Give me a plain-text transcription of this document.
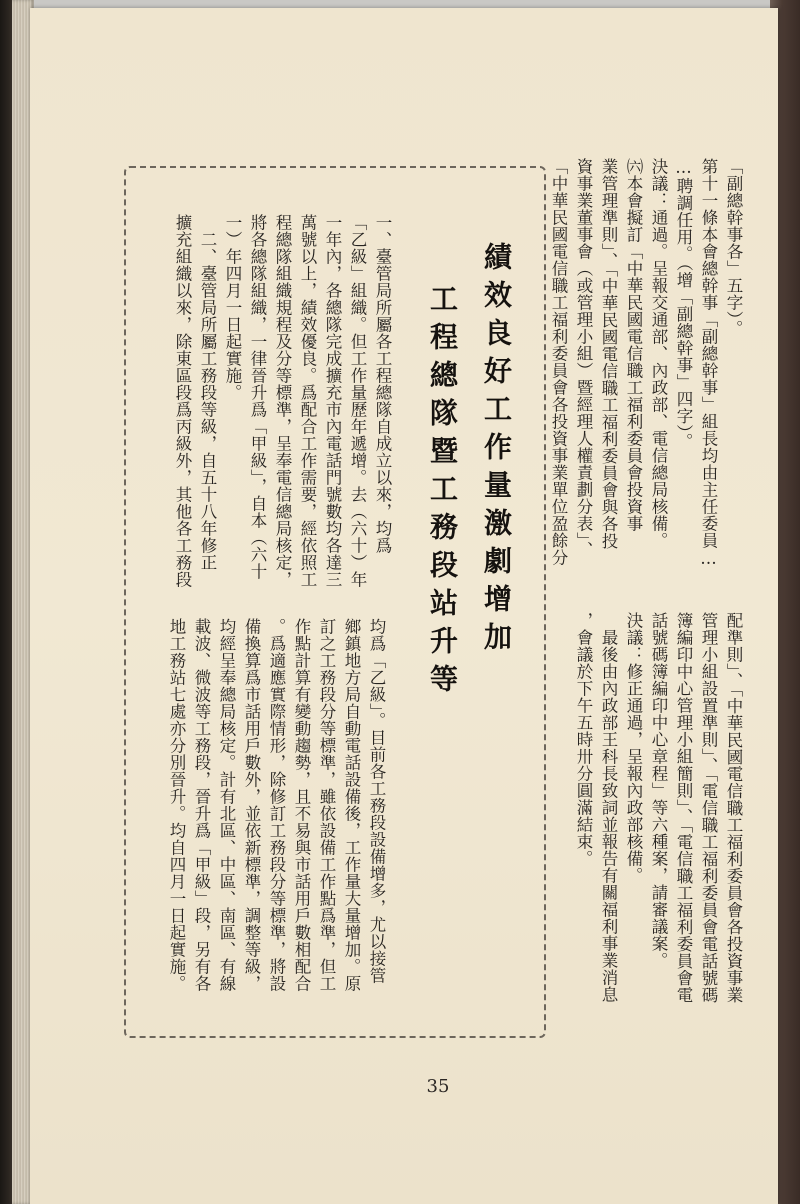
「副總幹事各」五字）。
第十一條本會總幹事「副總幹事」組長均由主任委員…
…聘調任用。（增「副總幹事」四字）。
決議：通過。呈報交通部、內政部、電信總局核備。
㈥本會擬訂「中華民國電信職工福利委員會投資事
業管理準則」、「中華民國電信職工福利委員會與各投
資事業董事會（或管理小組）暨經理人權責劃分表」、
「中華民國電信職工福利委員會各投資事業單位盈餘分
配準則」、「中華民國電信職工福利委員會各投資事業
管理小組設置準則」、「電信職工福利委員會電話號碼
簿編印中心管理小組簡則」、「電信職工福利委員會電
話號碼簿編印中心章程」等六種案，請審議案。
決議：修正通過，呈報內政部核備。
　最後由內政部王科長致詞並報告有關福利事業消息
，會議於下午五時卅分圓滿結束。
績效良好工作量激劇增加
工程總隊暨工務段站升等
一、臺管局所屬各工程總隊自成立以來，均爲
「乙級」組織。但工作量歷年遞增。去（六十）年
一年內，各總隊完成擴充市內電話門號數均各達三
萬號以上，績效優良。爲配合工作需要，經依照工
程總隊組織規程及分等標準，呈奉電信總局核定，
將各總隊組織，一律晉升爲「甲級」，自本（六十
一）年四月一日起實施。
　二、臺管局所屬工務段等級，自五十八年修正
擴充組織以來，除東區段爲丙級外，其他各工務段
均爲「乙級」。目前各工務段設備增多，尤以接管
鄉鎮地方局自動電話設備後，工作量大量增加。原
訂之工務段分等標準，雖依設備工作點爲準，但工
作點計算有變動趨勢，且不易與市話用戶數相配合
。爲適應實際情形，除修訂工務段分等標準，將設
備換算爲市話用戶數外，並依新標準，調整等級，
均經呈奉總局核定。計有北區、中區、南區、有線
載波、微波等工務段，晉升爲「甲級」段，另有各
地工務站七處亦分別晉升。均自四月一日起實施。
35
